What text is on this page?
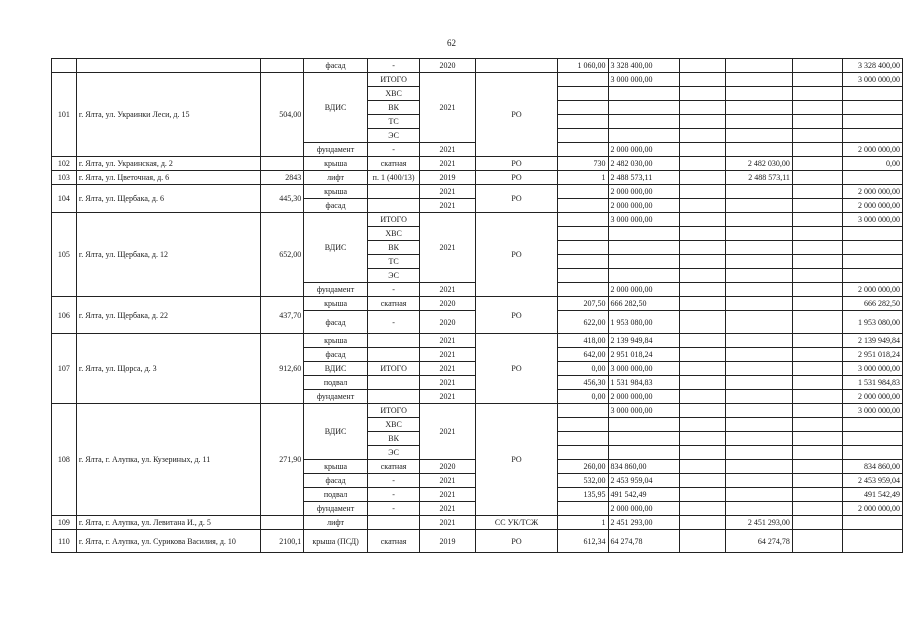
62
			фасад	-	2020		1 060,00	3 328 400,00				3 328 400,00
101	г. Ялта, ул. Украинки Леси, д. 15	504,00	ВДИС	ИТОГО	2021	РО		3 000 000,00				3 000 000,00
				ХВС								
				ВК								
				ТС								
				ЭС								
			фундамент	-	2021			2 000 000,00				2 000 000,00
102	г. Ялта, ул. Украинская, д. 2		крыша	скатная	2021	РО	730	2 482 030,00		2 482 030,00		0,00
103	г. Ялта, ул. Цветочная, д. 6	2843	лифт	п. 1 (400/13)	2019	РО	1	2 488 573,11		2 488 573,11		
104	г. Ялта, ул. Щербака, д. 6	445,30	крыша		2021	РО		2 000 000,00				2 000 000,00
			фасад		2021			2 000 000,00				2 000 000,00
105	г. Ялта, ул. Щербака, д. 12	652,00	ВДИС	ИТОГО	2021	РО		3 000 000,00				3 000 000,00
				ХВС								
				ВК								
				ТС								
				ЭС								
			фундамент	-	2021			2 000 000,00				2 000 000,00
106	г. Ялта, ул. Щербака, д. 22	437,70	крыша	скатная	2020	РО	207,50	666 282,50				666 282,50
			фасад	-	2020		622,00	1 953 080,00				1 953 080,00
107	г. Ялта, ул. Щорса, д. 3	912,60	крыша		2021	РО	418,00	2 139 949,84				2 139 949,84
			фасад		2021		642,00	2 951 018,24				2 951 018,24
			ВДИС	ИТОГО	2021		0,00	3 000 000,00				3 000 000,00
			подвал		2021		456,30	1 531 984,83				1 531 984,83
			фундамент		2021		0,00	2 000 000,00				2 000 000,00
108	г. Ялта, г. Алупка, ул. Кузериных, д. 11	271,90	ВДИС	ИТОГО	2021	РО		3 000 000,00				3 000 000,00
				ХВС								
				ВК								
				ЭС								
			крыша	скатная	2020		260,00	834 860,00				834 860,00
			фасад	-	2021		532,00	2 453 959,04				2 453 959,04
			подвал	-	2021		135,95	491 542,49				491 542,49
			фундамент	-	2021			2 000 000,00				2 000 000,00
109	г. Ялта, г. Алупка, ул. Левитана И., д. 5		лифт		2021	СС УК/ТСЖ	1	2 451 293,00		2 451 293,00		
110	г. Ялта, г. Алупка, ул. Сурикова Василия, д. 10	2100,1	крыша (ПСД)	скатная	2019	РО	612,34	64 274,78		64 274,78		
